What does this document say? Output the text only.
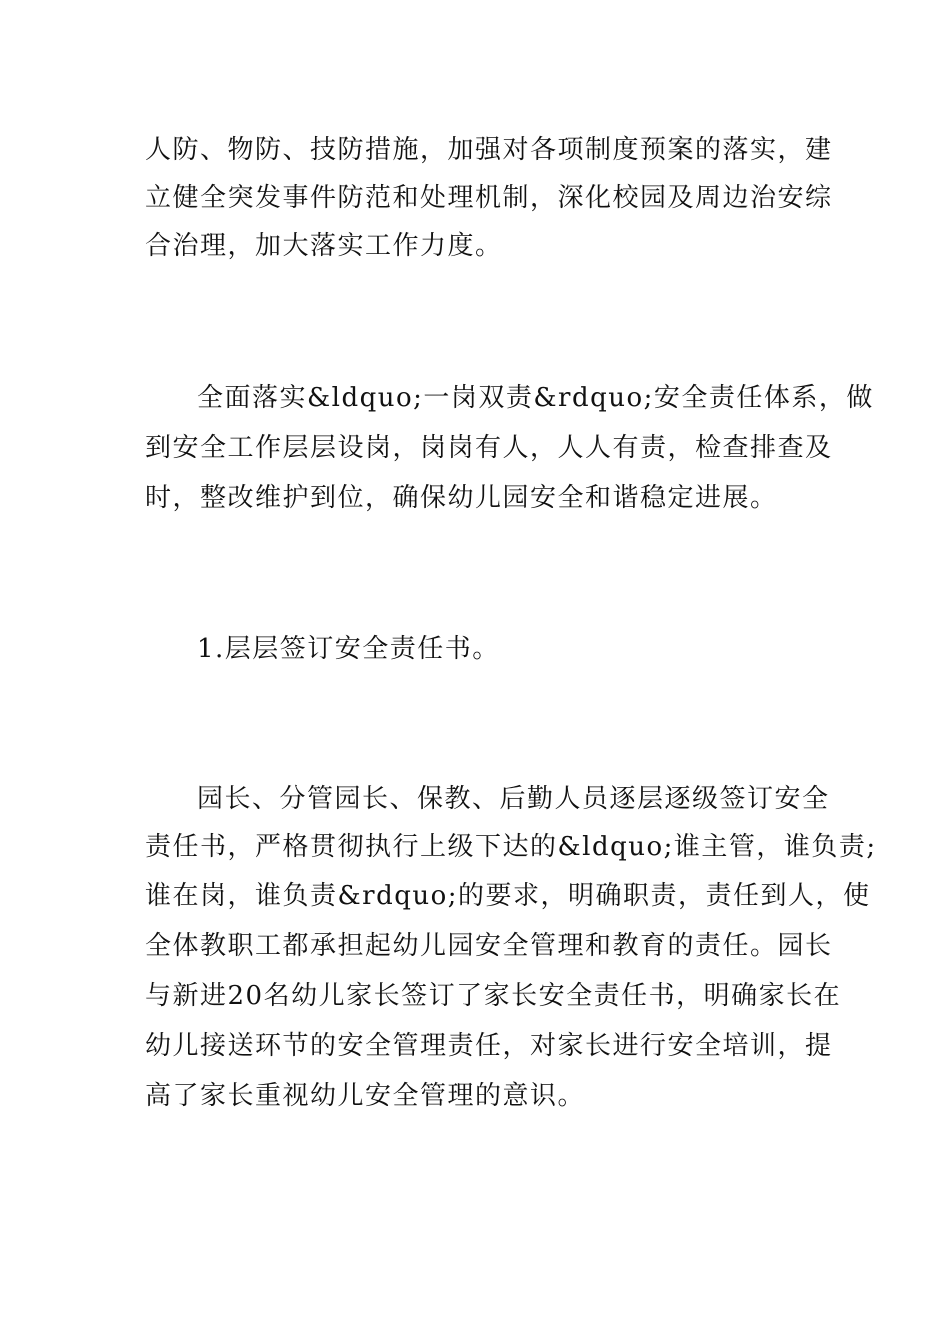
人防、物防、技防措施，加强对各项制度预案的落实，建
立健全突发事件防范和处理机制，深化校园及周边治安综
合治理，加大落实工作力度。
全面落实&ldquo;一岗双责&rdquo;安全责任体系，做
到安全工作层层设岗，岗岗有人，人人有责，检查排查及
时，整改维护到位，确保幼儿园安全和谐稳定进展。
1.层层签订安全责任书。
园长、分管园长、保教、后勤人员逐层逐级签订安全
责任书，严格贯彻执行上级下达的&ldquo;谁主管，谁负责;
谁在岗，谁负责&rdquo;的要求，明确职责，责任到人，使
全体教职工都承担起幼儿园安全管理和教育的责任。园长
与新进20名幼儿家长签订了家长安全责任书，明确家长在
幼儿接送环节的安全管理责任，对家长进行安全培训，提
高了家长重视幼儿安全管理的意识。
